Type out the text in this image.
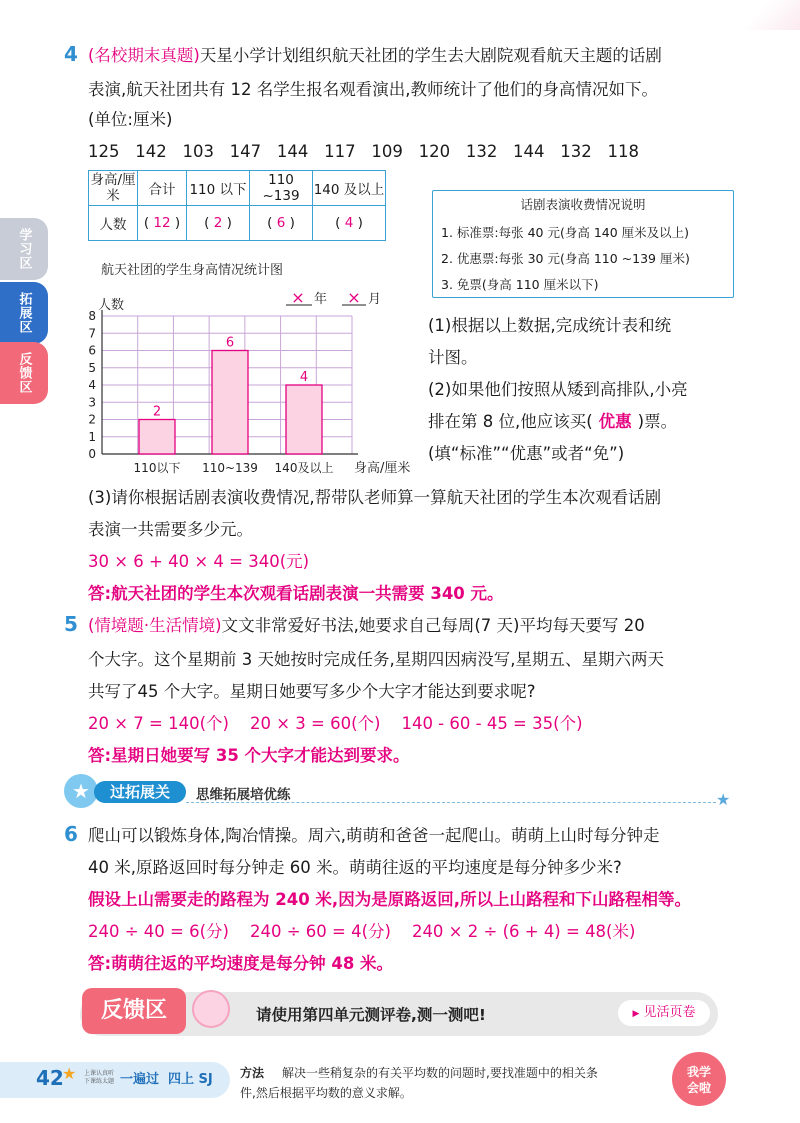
学习区
拓展区
反馈区
4 (名校期末真题)天星小学计划组织航天社团的学生去大剧院观看航天主题的话剧
表演,航天社团共有 12 名学生报名观看演出,教师统计了他们的身高情况如下。
(单位:厘米)
125   142   103   147   144   117   109   120   132   144   132   118
身高/厘米	合计	110 以下	110 ~139	140 及以上
人数	( 12 )	( 2 )	( 6 )	( 4 )
话剧表演收费情况说明
1. 标准票:每张 40 元(身高 140 厘米及以上)
2. 优惠票:每张 30 元(身高 110 ~139 厘米)
3. 免票(身高 110 厘米以下)
航天社团的学生身高情况统计图
×	×
年	月
人数
身高/厘米
0
1
2
3
4
5
6
7
8
2
6
4
110以下 110~139 140及以上
(1)根据以上数据,完成统计表和统
计图。
(2)如果他们按照从矮到高排队,小亮
排在第 8 位,他应该买( 优惠 )票。
(填“标准”“优惠”或者“免”)
(3)请你根据话剧表演收费情况,帮带队老师算一算航天社团的学生本次观看话剧
表演一共需要多少元。
30 × 6 + 40 × 4 = 340(元)
答:航天社团的学生本次观看话剧表演一共需要 340 元。
5 (情境题·生活情境)文文非常爱好书法,她要求自己每周(7 天)平均每天要写 20
个大字。这个星期前 3 天她按时完成任务,星期四因病没写,星期五、星期六两天
共写了45 个大字。星期日她要写多少个大字才能达到要求呢?
20 × 7 = 140(个)    20 × 3 = 60(个)    140 - 60 - 45 = 35(个)
答:星期日她要写 35 个大字才能达到要求。
★	过拓展关	思维拓展培优练	★
6 爬山可以锻炼身体,陶冶情操。周六,萌萌和爸爸一起爬山。萌萌上山时每分钟走
40 米,原路返回时每分钟走 60 米。萌萌往返的平均速度是每分钟多少米?
假设上山需要走的路程为 240 米,因为是原路返回,所以上山路程和下山路程相等。
240 ÷ 40 = 6(分)    240 ÷ 60 = 4(分)    240 × 2 ÷ (6 + 4) = 48(米)
答:萌萌往返的平均速度是每分钟 48 米。
反馈区	请使用第四单元测评卷,测一测吧!	▶ 见活页卷
42
★ 上课认真听
下课练太题 一遍过 四上 SJ 方法 解决一些稍复杂的有关平均数的问题时,要找准题中的相关条
件,然后根据平均数的意义求解。
我学
会啦
